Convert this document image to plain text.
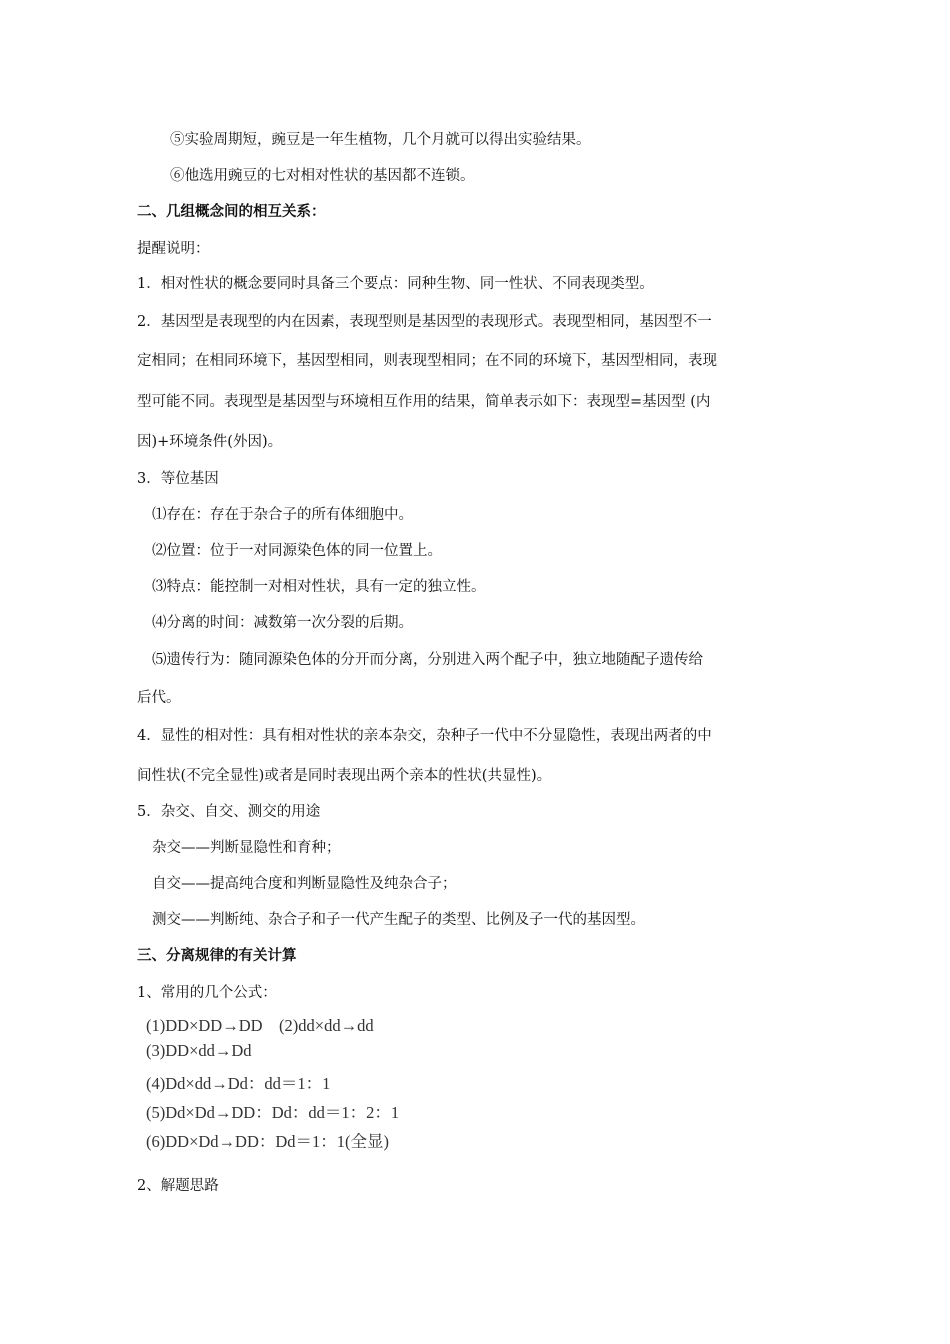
⑤实验周期短，豌豆是一年生植物，几个月就可以得出实验结果。
⑥他选用豌豆的七对相对性状的基因都不连锁。
二、几组概念间的相互关系：
提醒说明：
1．相对性状的概念要同时具备三个要点：同种生物、同一性状、不同表现类型。
2．基因型是表现型的内在因素，表现型则是基因型的表现形式。表现型相同，基因型不一
定相同；在相同环境下，基因型相同，则表现型相同；在不同的环境下，基因型相同，表现
型可能不同。表现型是基因型与环境相互作用的结果，简单表示如下：表现型=基因型 (内
因)+环境条件(外因)。
3．等位基因
⑴存在：存在于杂合子的所有体细胞中。
⑵位置：位于一对同源染色体的同一位置上。
⑶特点：能控制一对相对性状，具有一定的独立性。
⑷分离的时间：减数第一次分裂的后期。
⑸遗传行为：随同源染色体的分开而分离，分别进入两个配子中，独立地随配子遗传给
后代。
4．显性的相对性：具有相对性状的亲本杂交，杂种子一代中不分显隐性，表现出两者的中
间性状(不完全显性)或者是同时表现出两个亲本的性状(共显性)。
5．杂交、自交、测交的用途
杂交——判断显隐性和育种；
自交——提高纯合度和判断显隐性及纯杂合子；
测交——判断纯、杂合子和子一代产生配子的类型、比例及子一代的基因型。
三、分离规律的有关计算
1、常用的几个公式：
(1)DD×DD→DD　(2)dd×dd→dd
(3)DD×dd→Dd
(4)Dd×dd→Dd：dd＝1：1
(5)Dd×Dd→DD：Dd：dd＝1：2：1
(6)DD×Dd→DD：Dd＝1：1(全显)
2、解题思路
